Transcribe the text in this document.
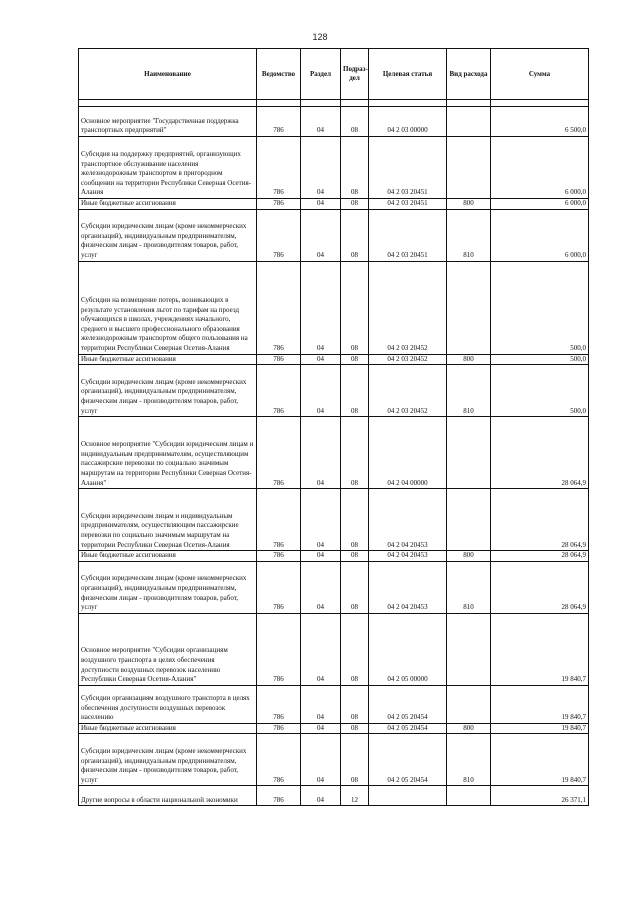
128
Наименование	Ведомство	Раздел	Подраз-дел	Целевая статья	Вид расхода	Сумма

Основное мероприятие "Государственная поддержка транспортных предприятий"	786	04	08	04 2 03 00000		6 500,0
Субсидия на поддержку предприятий, организующих транспортное обслуживание населения железнодорожным транспортом в пригородном сообщении на территории Республики Северная Осетия-Алания	786	04	08	04 2 03 20451		6 000,0
Иные бюджетные ассигнования	786	04	08	04 2 03 20451	800	6 000,0
Субсидии юридическим лицам (кроме некоммерческих организаций), индивидуальным предпринимателям, физическим лицам - производителям товаров, работ, услуг	786	04	08	04 2 03 20451	810	6 000,0
Субсидии на возмещение потерь, возникающих в результате установления льгот по тарифам на проезд обучающихся в школах, учреждениях начального, среднего и высшего профессионального образования железнодорожным транспортом общего пользования на территории Республики Северная Осетия-Алания	786	04	08	04 2 03 20452		500,0
Иные бюджетные ассигнования	786	04	08	04 2 03 20452	800	500,0
Субсидии юридическим лицам (кроме некоммерческих организаций), индивидуальным предпринимателям, физическим лицам - производителям товаров, работ, услуг	786	04	08	04 2 03 20452	810	500,0
Основное мероприятие "Субсидии юридическим лицам и индивидуальным предпринимателям, осуществляющим пассажирские перевозки по социально значимым маршрутам на территории Республики Северная Осетия-Алания"	786	04	08	04 2 04 00000		28 064,9
Субсидии юридическим лицам и индивидуальным предпринимателям, осуществляющим пассажирские перевозки по социально значимым маршрутам на территории Республики Северная Осетия-Алания	786	04	08	04 2 04 20453		28 064,9
Иные бюджетные ассигнования	786	04	08	04 2 04 20453	800	28 064,9
Субсидии юридическим лицам (кроме некоммерческих организаций), индивидуальным предпринимателям, физическим лицам - производителям товаров, работ, услуг	786	04	08	04 2 04 20453	810	28 064,9
Основное мероприятие "Субсидии организациям воздушного транспорта в целях обеспечения доступности воздушных перевозок населению Республики Северная Осетия-Алания"	786	04	08	04 2 05 00000		19 840,7
Субсидии организациям воздушного транспорта в целях обеспечения доступности воздушных перевозок населению	786	04	08	04 2 05 20454		19 840,7
Иные бюджетные ассигнования	786	04	08	04 2 05 20454	800	19 840,7
Субсидии юридическим лицам (кроме некоммерческих организаций), индивидуальным предпринимателям, физическим лицам - производителям товаров, работ, услуг	786	04	08	04 2 05 20454	810	19 840,7
Другие вопросы в области национальной экономики	786	04	12			26 371,1
